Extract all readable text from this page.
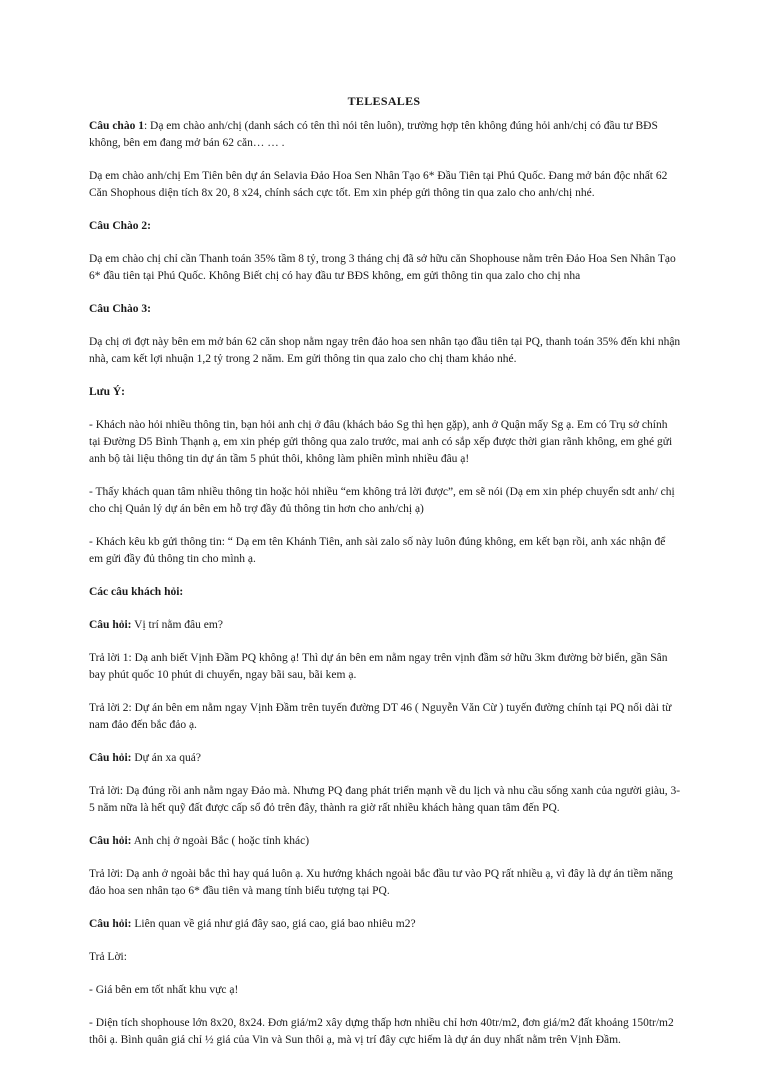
TELESALES

Câu chào 1: Dạ em chào anh/chị (danh sách có tên thì nói tên luôn), trường hợp tên không đúng hỏi anh/chị có đầu tư BĐS không, bên em đang mở bán 62 căn… … .

Dạ em chào anh/chị Em Tiên bên dự án Selavia Đảo Hoa Sen Nhân Tạo 6* Đầu Tiên tại Phú Quốc. Đang mở bán độc nhất 62 Căn Shophous diện tích 8x 20, 8 x24, chính sách cực tốt. Em xin phép gửi thông tin qua zalo cho anh/chị nhé.

Câu Chào 2:

Dạ em chào chị chỉ cần Thanh toán 35% tầm 8 tỷ, trong 3 tháng chị đã sở hữu căn Shophouse nằm trên Đảo Hoa Sen Nhân Tạo 6* đầu tiên tại Phú Quốc. Không Biết chị có hay đầu tư BĐS không, em gửi thông tin qua zalo cho chị nha

Câu Chào 3:

Dạ chị ơi đợt này bên em mở bán 62 căn shop nằm ngay trên đảo hoa sen nhân tạo đầu tiên tại PQ, thanh toán 35% đến khi nhận nhà, cam kết lợi nhuận 1,2 tỷ trong 2 năm. Em gửi thông tin qua zalo cho chị tham khảo nhé.

Lưu Ý:

- Khách nào hỏi nhiều thông tin, bạn hỏi anh chị ở đâu (khách bảo Sg thì hẹn gặp), anh ở Quận mấy Sg ạ. Em có Trụ sở chính tại Đường D5 Bình Thạnh ạ, em xin phép gửi thông qua zalo trước, mai anh có sắp xếp được thời gian rãnh không, em ghé gửi anh bộ tài liệu thông tin dự án tầm 5 phút thôi, không làm phiền mình nhiều đâu ạ!

- Thấy khách quan tâm nhiều thông tin hoặc hỏi nhiều “em không trả lời được”, em sẽ nói (Dạ em xin phép chuyển sdt anh/ chị cho chị Quản lý dự án bên em hỗ trợ đầy đủ thông tin hơn cho anh/chị ạ)

- Khách kêu kb gửi thông tin: “ Dạ em tên Khánh Tiên, anh sài zalo số này luôn đúng không, em kết bạn rồi, anh xác nhận để em gửi đầy đủ thông tin cho mình ạ.

Các câu khách hỏi:

Câu hỏi: Vị trí nằm đâu em?

Trả lời 1: Dạ anh biết Vịnh Đầm PQ không ạ! Thì dự án bên em nằm ngay trên vịnh đầm sở hữu 3km đường bờ biển, gần Sân bay phút quốc 10 phút di chuyển, ngay bãi sau, bãi kem ạ.

Trả lời 2: Dự án bên em nằm ngay Vịnh Đầm trên tuyến đường DT 46 ( Nguyễn Văn Cừ ) tuyến đường chính tại PQ nối dài từ nam đảo đến bắc đảo ạ.

Câu hỏi: Dự án xa quá?

Trả lời: Dạ đúng rồi anh nằm ngay Đảo mà. Nhưng PQ đang phát triển mạnh về du lịch và nhu cầu sống xanh của người giàu, 3-5 năm nữa là hết quỹ đất được cấp sổ đỏ trên đây, thành ra giờ rất nhiều khách hàng quan tâm đến PQ.

Câu hỏi: Anh chị ở ngoài Bắc ( hoặc tỉnh khác)

Trả lời: Dạ anh ở ngoài bắc thì hay quá luôn ạ. Xu hướng khách ngoài bắc đầu tư vào PQ rất nhiều ạ, vì đây là dự án tiềm năng đảo hoa sen nhân tạo 6* đầu tiên và mang tính biểu tượng tại PQ.

Câu hỏi: Liên quan về giá như giá đây sao, giá cao, giá bao nhiêu m2?

Trả Lời:

- Giá bên em tốt nhất khu vực ạ!

- Diện tích shophouse lớn 8x20, 8x24. Đơn giá/m2 xây dựng thấp hơn nhiều chỉ hơn 40tr/m2, đơn giá/m2 đất khoảng 150tr/m2 thôi ạ. Bình quân giá chỉ ½ giá của Vin và Sun thôi ạ, mà vị trí đây cực hiếm là dự án duy nhất nằm trên Vịnh Đầm.
